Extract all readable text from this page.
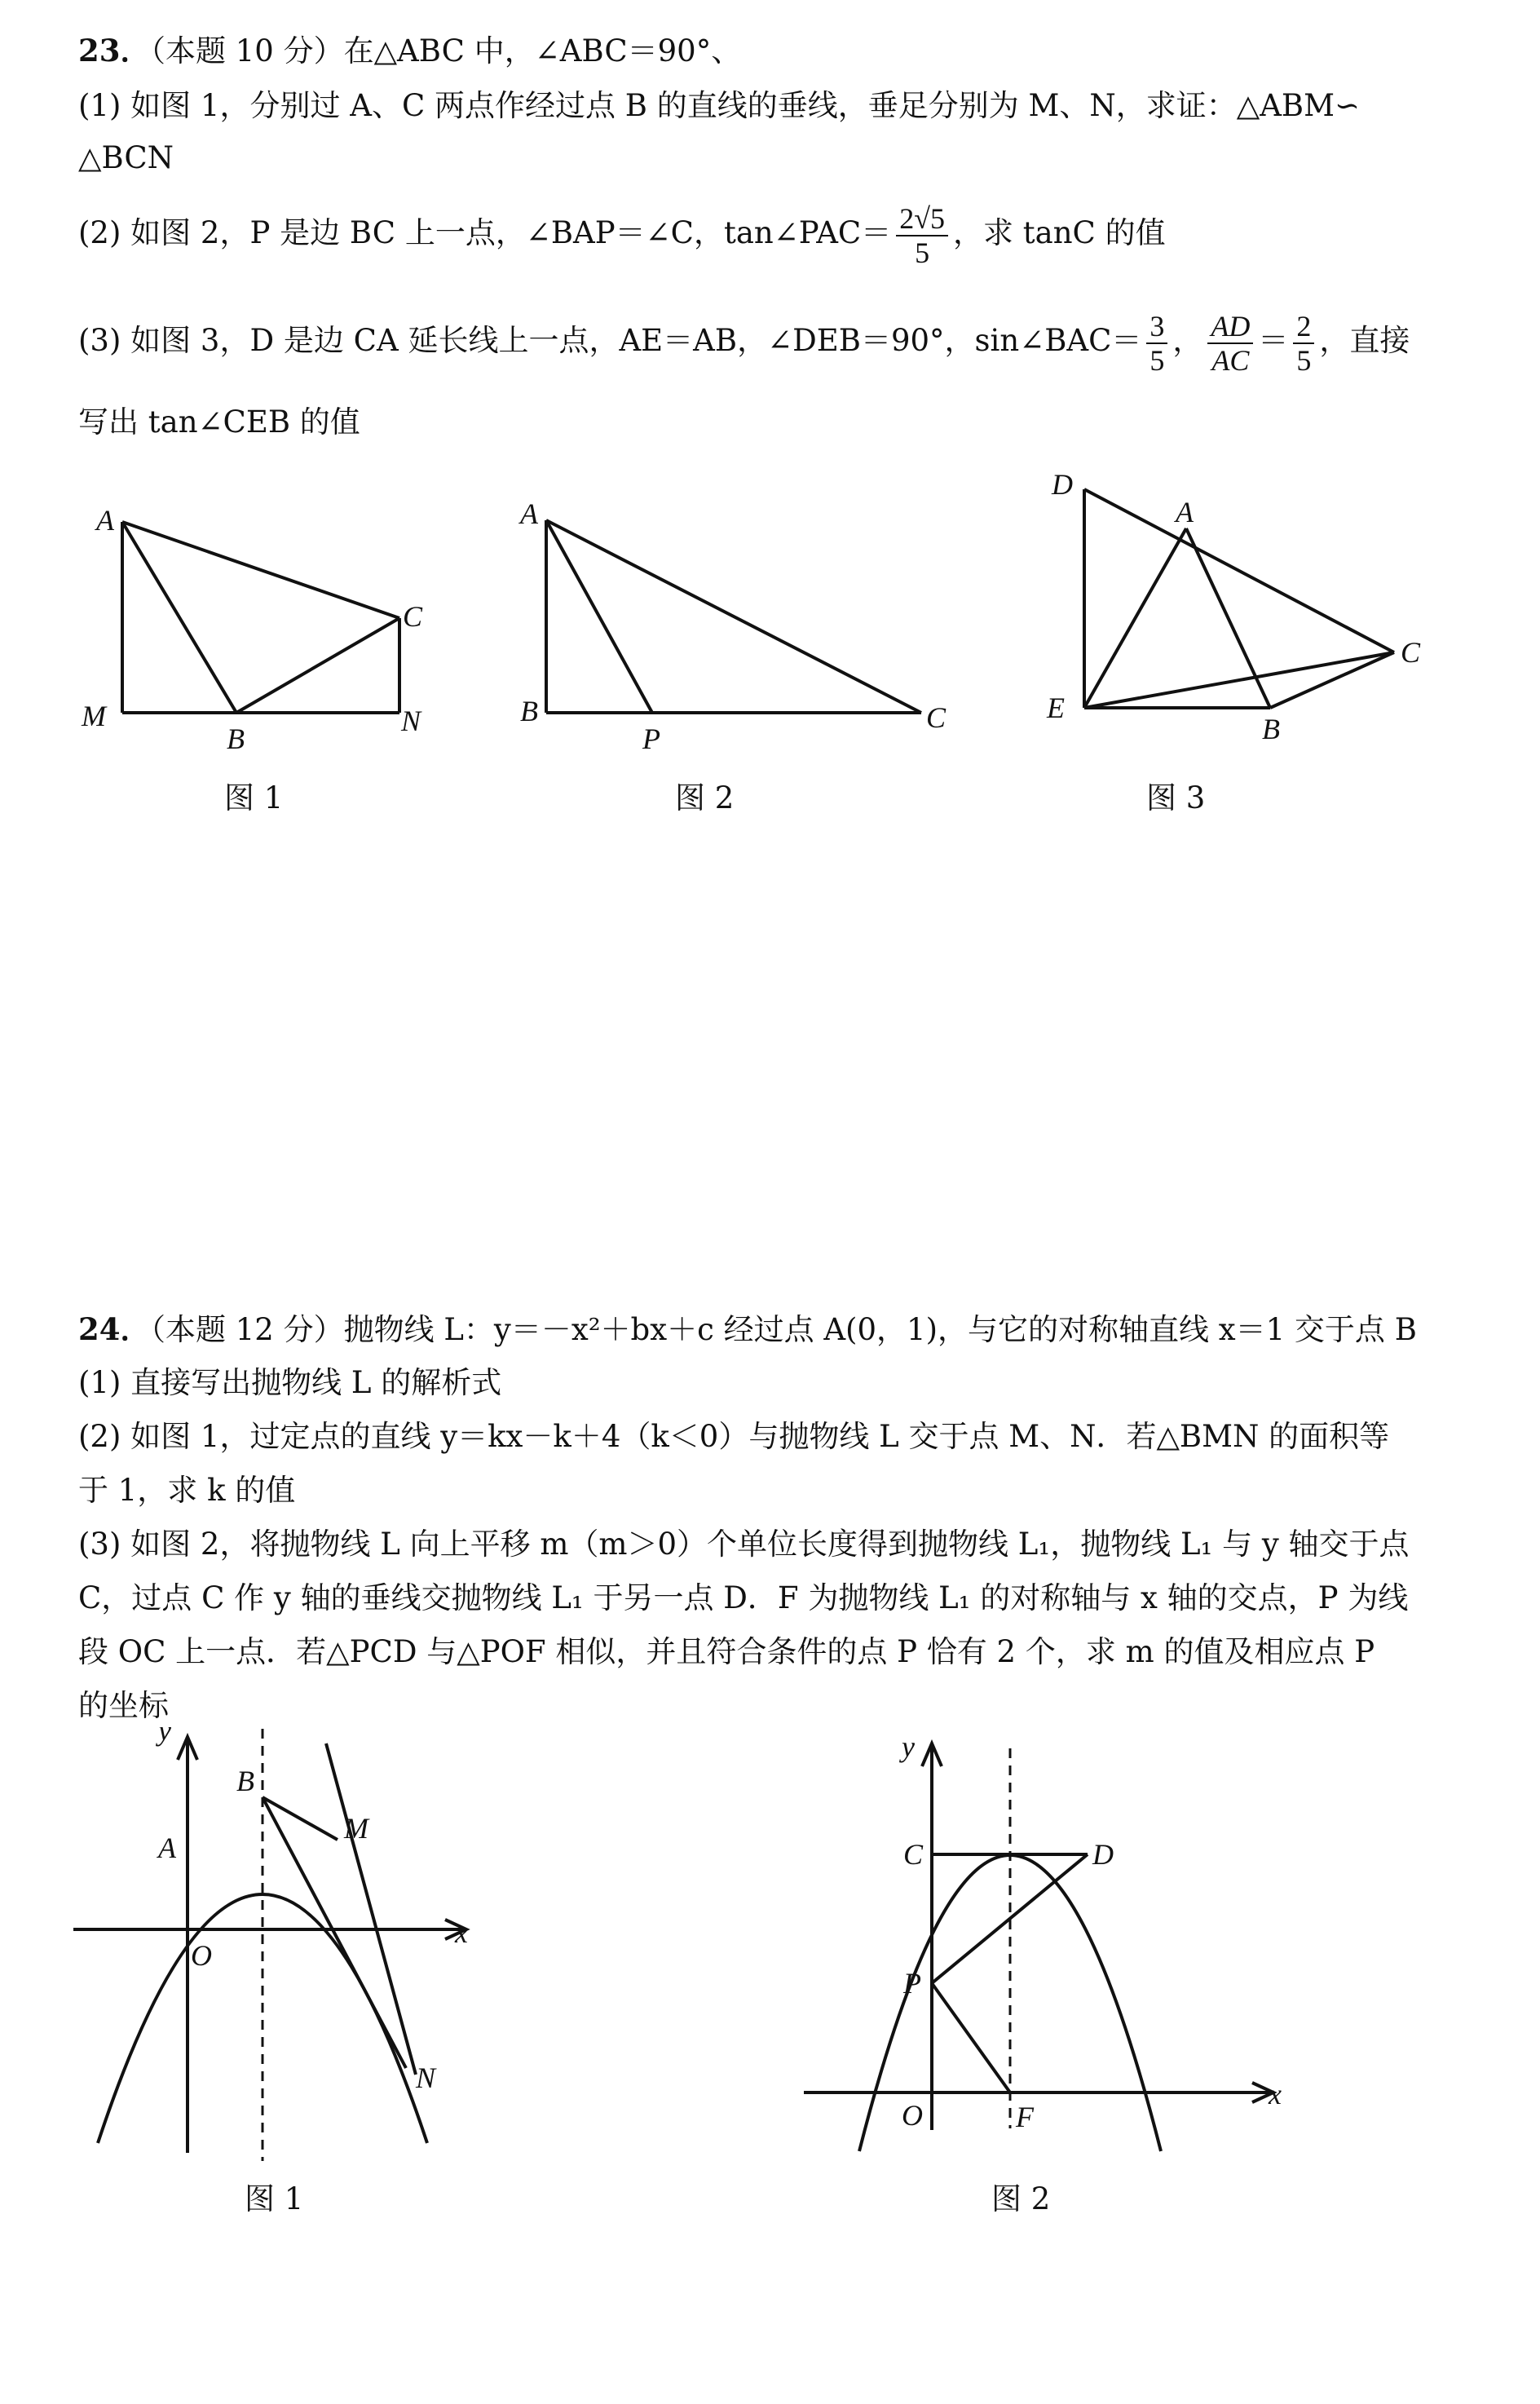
23．（本题 10 分）在△ABC 中，∠ABC＝90°、
(1) 如图 1，分别过 A、C 两点作经过点 B 的直线的垂线，垂足分别为 M、N，求证：△ABM∽
△BCN
(2) 如图 2，P 是边 BC 上一点，∠BAP＝∠C，tan∠PAC＝ $\frac{2√5}{5}$ ，求 tanC 的值
(3) 如图 3，D 是边 CA 延长线上一点，AE＝AB，∠DEB＝90°，sin∠BAC＝ $\frac{3}{5}$ ， $\frac{AD}{AC} = \frac{2}{5}$ ，直接
写出 tan∠CEB 的值
A
M
B
N
C
图 1
A
B
P
C
图 2
D
A
C
E
B
图 3
24．（本题 12 分）抛物线 L：y＝－x²＋bx＋c 经过点 A(0，1)，与它的对称轴直线 x＝1 交于点 B
(1) 直接写出抛物线 L 的解析式
(2) 如图 1，过定点的直线 y＝kx－k＋4（k＜0）与抛物线 L 交于点 M、N．若△BMN 的面积等
于 1，求 k 的值
(3) 如图 2，将抛物线 L 向上平移 m（m＞0）个单位长度得到抛物线 L₁，抛物线 L₁ 与 y 轴交于点
C，过点 C 作 y 轴的垂线交抛物线 L₁ 于另一点 D．F 为抛物线 L₁ 的对称轴与 x 轴的交点，P 为线
段 OC 上一点．若△PCD 与△POF 相似，并且符合条件的点 P 恰有 2 个，求 m 的值及相应点 P
的坐标
y
x
O
A
B
M
N
图 1
y
x
O
C	D
P
F
图 2
